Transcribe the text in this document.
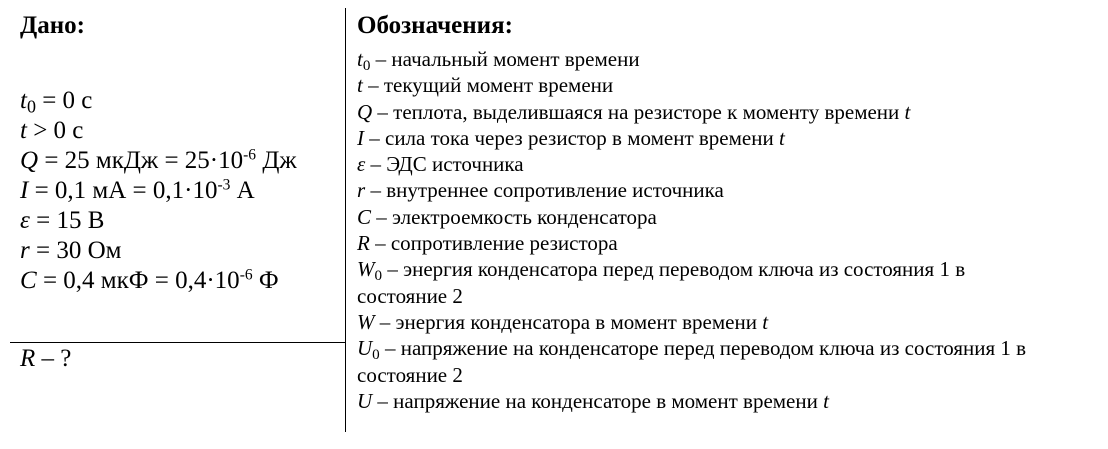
Дано:
$t_0 = 0$ с
t > 0 с
Q = 25 мкДж = $25\cdot 10^{-6}$ Дж
I = 0,1 мА = $0,1\cdot 10^{-3}$ А
ε = 15 В
r = 30 Ом
C = 0,4 мкФ = $0,4\cdot 10^{-6}$ Ф
R – ?
Обозначения:
$t_0$ – начальный момент времени
t – текущий момент времени
Q – теплота, выделившаяся на резисторе к моменту времени t
I – сила тока через резистор в момент времени t
ε – ЭДС источника
r – внутреннее сопротивление источника
C – электроемкость конденсатора
R – сопротивление резистора
$W_0$ – энергия конденсатора перед переводом ключа из состояния 1 в состояние 2
W – энергия конденсатора в момент времени t
$U_0$ – напряжение на конденсаторе перед переводом ключа из состояния 1 в состояние 2
U – напряжение на конденсаторе в момент времени t
